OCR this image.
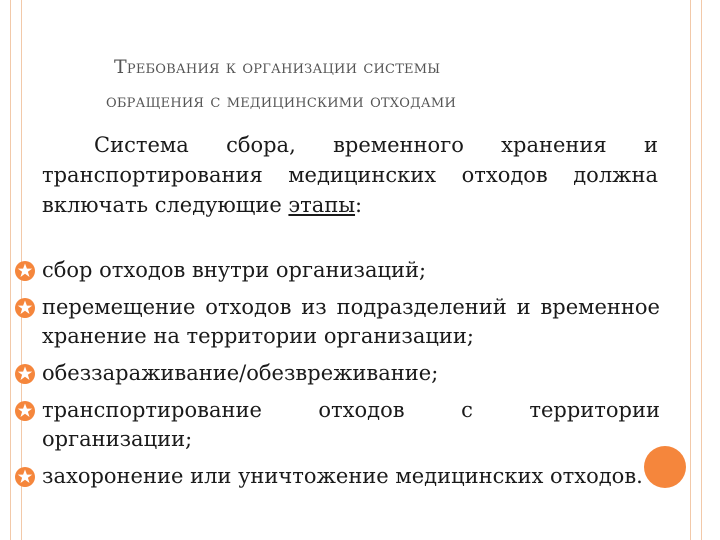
Требования к организации системы
обращения с медицинскими отходами
Система сбора, временного хранения и транспортирования медицинских отходов должна включать следующие этапы:
сбор отходов внутри организаций;
перемещение отходов из подразделений и временное хранение на территории организации;
обеззараживание/обезвреживание;
транспортирование отходов с территории организации;
захоронение или уничтожение медицинских отходов.
